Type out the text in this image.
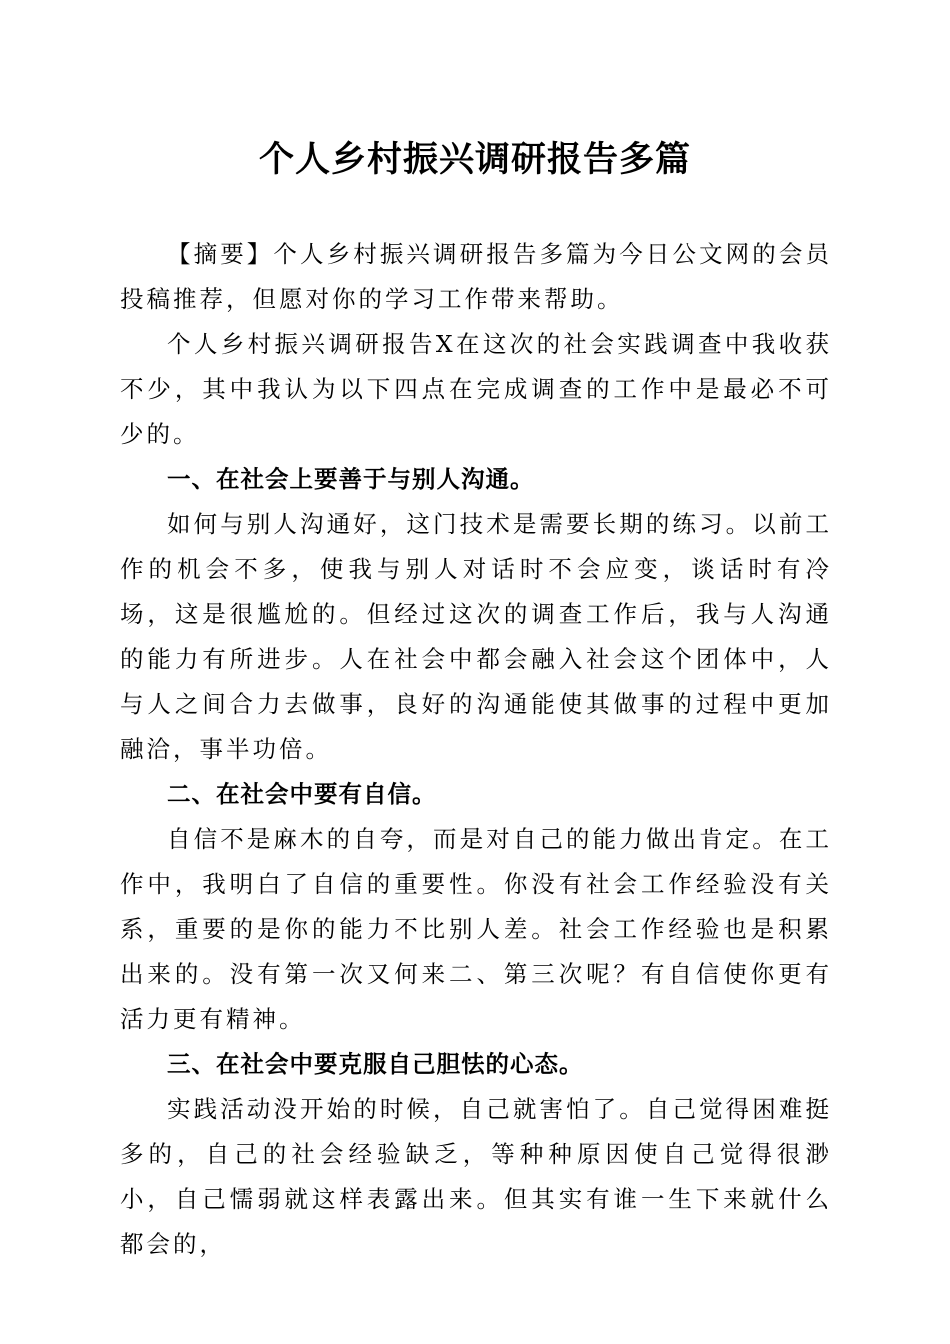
个人乡村振兴调研报告多篇

【摘要】个人乡村振兴调研报告多篇为今日公文网的会员投稿推荐，但愿对你的学习工作带来帮助。

个人乡村振兴调研报告X在这次的社会实践调查中我收获不少，其中我认为以下四点在完成调查的工作中是最必不可少的。

一、在社会上要善于与别人沟通。

如何与别人沟通好，这门技术是需要长期的练习。以前工作的机会不多，使我与别人对话时不会应变，谈话时有冷场，这是很尴尬的。但经过这次的调查工作后，我与人沟通的能力有所进步。人在社会中都会融入社会这个团体中，人与人之间合力去做事，良好的沟通能使其做事的过程中更加融洽，事半功倍。

二、在社会中要有自信。

自信不是麻木的自夸，而是对自己的能力做出肯定。在工作中，我明白了自信的重要性。你没有社会工作经验没有关系，重要的是你的能力不比别人差。社会工作经验也是积累出来的。没有第一次又何来二、第三次呢？有自信使你更有活力更有精神。

三、在社会中要克服自己胆怯的心态。

实践活动没开始的时候，自己就害怕了。自己觉得困难挺多的，自己的社会经验缺乏，等种种原因使自己觉得很渺小，自己懦弱就这样表露出来。但其实有谁一生下来就什么都会的，
